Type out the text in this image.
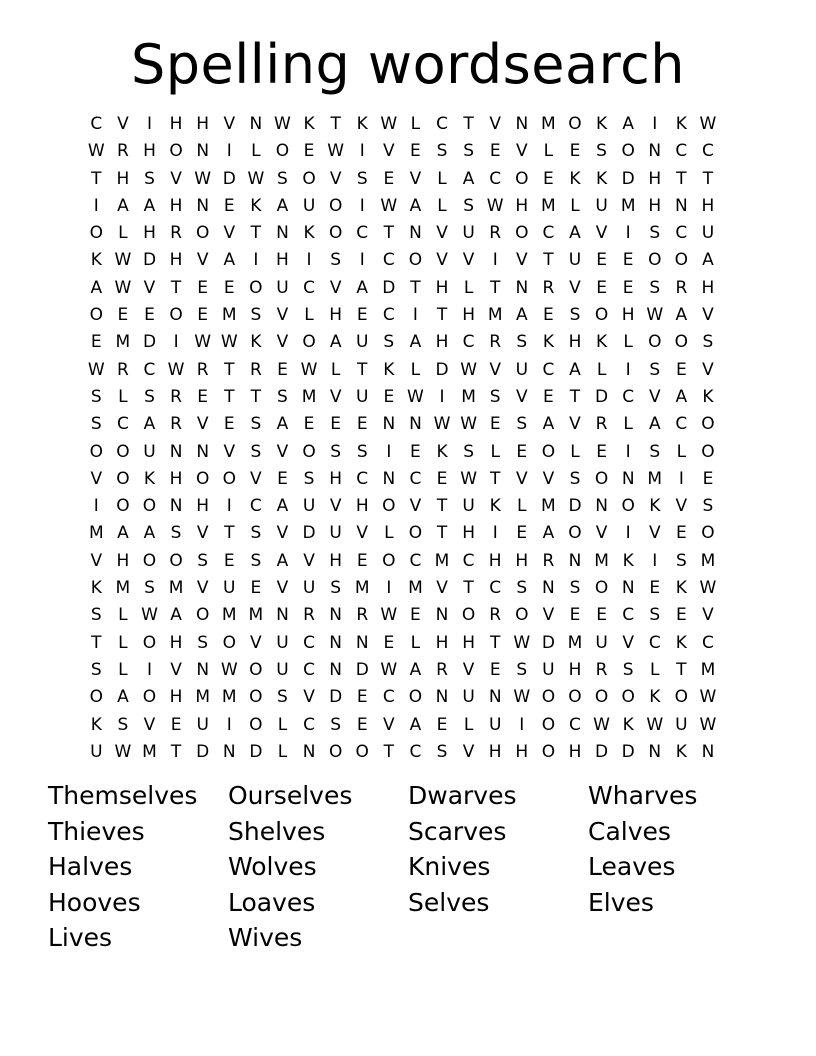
Spelling wordsearch
C V	I	H H V N W K T K W L C T V N M O K A	I	K W
W R H O N	I	L O E W I	V E S S E V L E S O N C C
T H S V W D W S O V S E V L A C O E K K D H T T
I	A A H N E K A U O	I W A L S W H M L U M H N H
O L H R O V T N K O C T N V U R O C A V	I	S C U
K W D H V A	I	H	I	S	I	C O V V	I	V T U E E O O A
A W V T E E O U C V A D T H L T N R V E E S R H
O E E O E M S V L H E C	I	T H M A E S O H W A V
E M D	I W W K V O A U S A H C R S K H K L O O S
W R C W R T R E W L T K L D W V U C A L	I	S E V
S L S R E T T S M V U E W I M S V E T D C V A K
S C A R V E S A E E E N N W W E S A V R L A C O
O O U N N V S V O S S	I	E K S L E O L E	I	S L O
V O K H O O V E S H C N C E W T V V S O N M I	E
I	O O N H	I	C A U V H O V T U K L M D N O K V S
M A A S V T S V D U V L O T H	I	E A O V	I	V E O
V H O O S E S A V H E O C M C H H R N M K	I	S M
K M S M V U E V U S M I M V T C S N S O N E K W
S L W A O M M N R N R W E N O R O V E E C S E V
T L O H S O V U C N N E L H H T W D M U V C K C
S L	I	V N W O U C N D W A R V E S U H R S L T M
O A O H M M O S V D E C O N U N W O O O O K O W
K S V E U	I	O L C S E V A E L U	I	O C W K W U W
U W M T D N D L N O O T C S V H H O H D D N K N
Themselves	Ourselves	Dwarves	Wharves
Thieves	Shelves	Scarves	Calves
Halves	Wolves	Knives	Leaves
Hooves	Loaves	Selves	Elves
Lives	Wives
